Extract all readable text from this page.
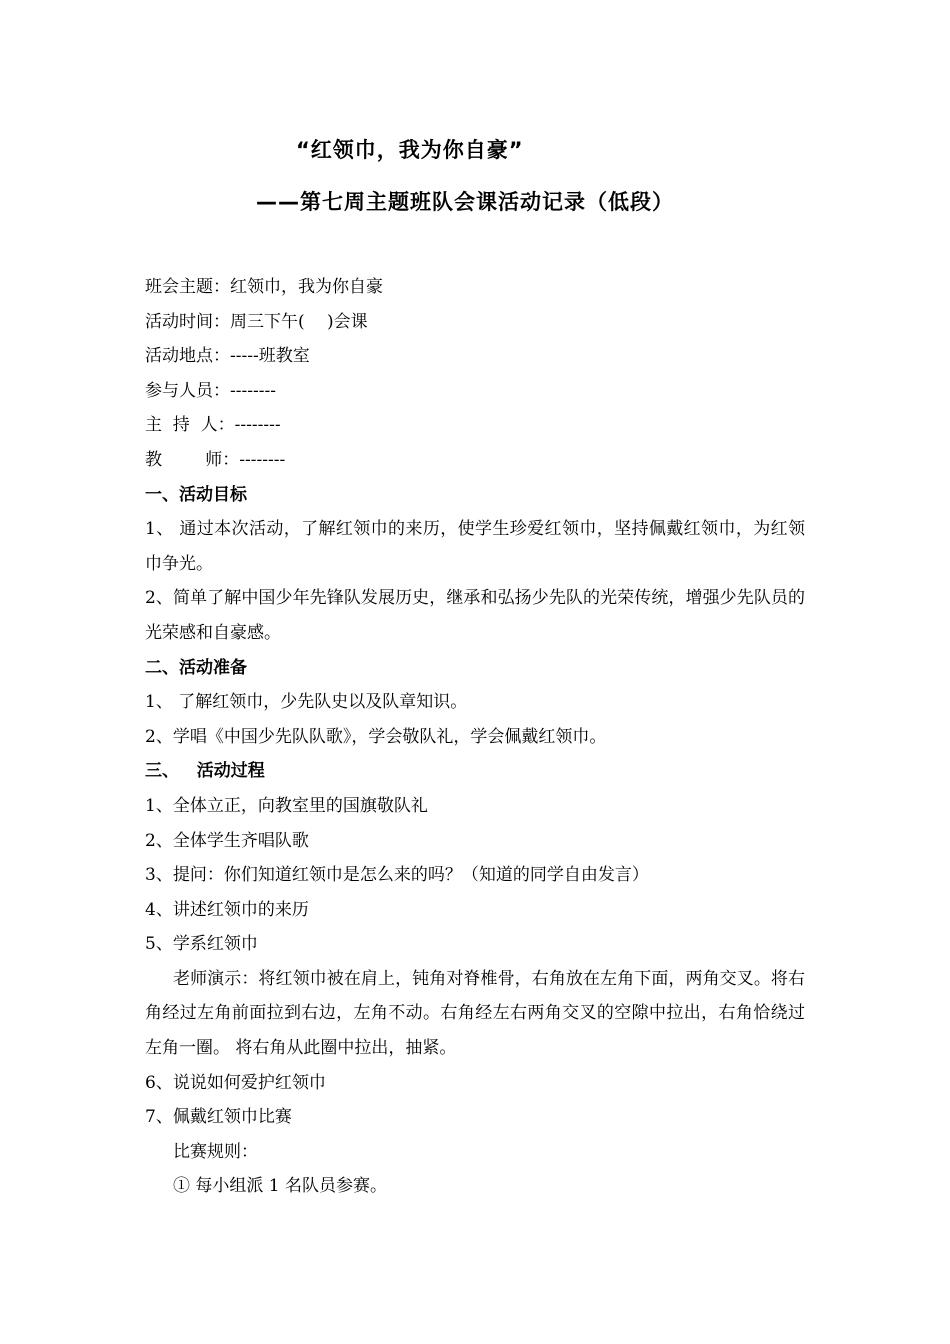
“红领巾，我为你自豪”
——第七周主题班队会课活动记录（低段）
班会主题：红领巾，我为你自豪
活动时间：周三下午(　 )会课
活动地点：-----班教室
参与人员：--------
主  持  人：--------
教        师：--------
一、活动目标
1、 通过本次活动，了解红领巾的来历，使学生珍爱红领巾，坚持佩戴红领巾，为红领巾争光。
2、简单了解中国少年先锋队发展历史，继承和弘扬少先队的光荣传统，增强少先队员的光荣感和自豪感。
二、活动准备
1、 了解红领巾，少先队史以及队章知识。
2、学唱《中国少先队队歌》，学会敬队礼，学会佩戴红领巾。
三、   活动过程
1、全体立正，向教室里的国旗敬队礼
2、全体学生齐唱队歌
3、提问：你们知道红领巾是怎么来的吗？（知道的同学自由发言）
4、讲述红领巾的来历
5、学系红领巾
老师演示：将红领巾被在肩上，钝角对脊椎骨，右角放在左角下面，两角交叉。将右角经过左角前面拉到右边，左角不动。右角经左右两角交叉的空隙中拉出，右角恰绕过左角一圈。 将右角从此圈中拉出，抽紧。
6、说说如何爱护红领巾
7、佩戴红领巾比赛
比赛规则：
① 每小组派 1 名队员参赛。
